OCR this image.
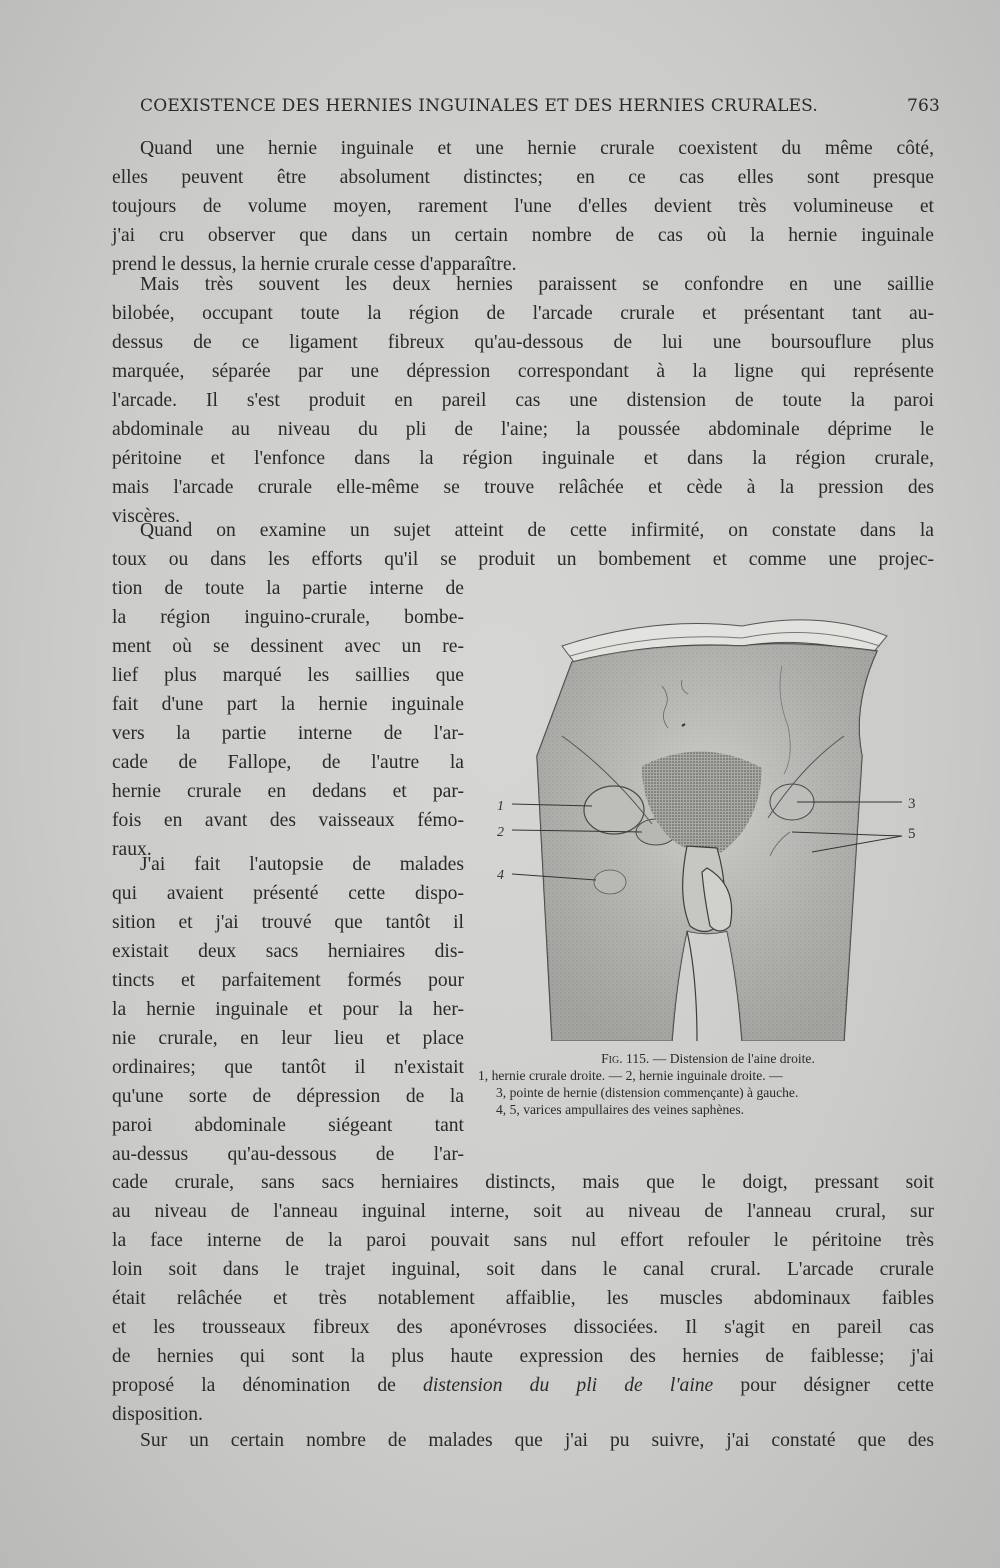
COEXISTENCE DES HERNIES INGUINALES ET DES HERNIES CRURALES.	763
Quand une hernie inguinale et une hernie crurale coexistent du même côté,
elles peuvent être absolument distinctes; en ce cas elles sont presque
toujours de volume moyen, rarement l'une d'elles devient très volumineuse et
j'ai cru observer que dans un certain nombre de cas où la hernie inguinale
prend le dessus, la hernie crurale cesse d'apparaître.
Mais très souvent les deux hernies paraissent se confondre en une saillie
bilobée, occupant toute la région de l'arcade crurale et présentant tant au-
dessus de ce ligament fibreux qu'au-dessous de lui une boursouflure plus
marquée, séparée par une dépression correspondant à la ligne qui représente
l'arcade. Il s'est produit en pareil cas une distension de toute la paroi
abdominale au niveau du pli de l'aine; la poussée abdominale déprime le
péritoine et l'enfonce dans la région inguinale et dans la région crurale,
mais l'arcade crurale elle-même se trouve relâchée et cède à la pression des
viscères.
Quand on examine un sujet atteint de cette infirmité, on constate dans la
toux ou dans les efforts qu'il se produit un bombement et comme une projec-
tion de toute la partie interne de
la région inguino-crurale, bombe-
ment où se dessinent avec un re-
lief plus marqué les saillies que
fait d'une part la hernie inguinale
vers la partie interne de l'ar-
cade de Fallope, de l'autre la
hernie crurale en dedans et par-
fois en avant des vaisseaux fémo-
raux.
J'ai fait l'autopsie de malades
qui avaient présenté cette dispo-
sition et j'ai trouvé que tantôt il
existait deux sacs herniaires dis-
tincts et parfaitement formés pour
la hernie inguinale et pour la her-
nie crurale, en leur lieu et place
ordinaires; que tantôt il n'existait
qu'une sorte de dépression de la
paroi abdominale siégeant tant
au-dessus qu'au-dessous de l'ar-
1
2
4
3
5
Fig. 115. — Distension de l'aine droite.
1, hernie crurale droite. — 2, hernie inguinale droite. —
3, pointe de hernie (distension commençante) à gauche.
4, 5, varices ampullaires des veines saphènes.
cade crurale, sans sacs herniaires distincts, mais que le doigt, pressant soit
au niveau de l'anneau inguinal interne, soit au niveau de l'anneau crural, sur
la face interne de la paroi pouvait sans nul effort refouler le péritoine très
loin soit dans le trajet inguinal, soit dans le canal crural. L'arcade crurale
était relâchée et très notablement affaiblie, les muscles abdominaux faibles
et les trousseaux fibreux des aponévroses dissociées. Il s'agit en pareil cas
de hernies qui sont la plus haute expression des hernies de faiblesse; j'ai
proposé la dénomination de distension du pli de l'aine pour désigner cette
disposition.
Sur un certain nombre de malades que j'ai pu suivre, j'ai constaté que des
